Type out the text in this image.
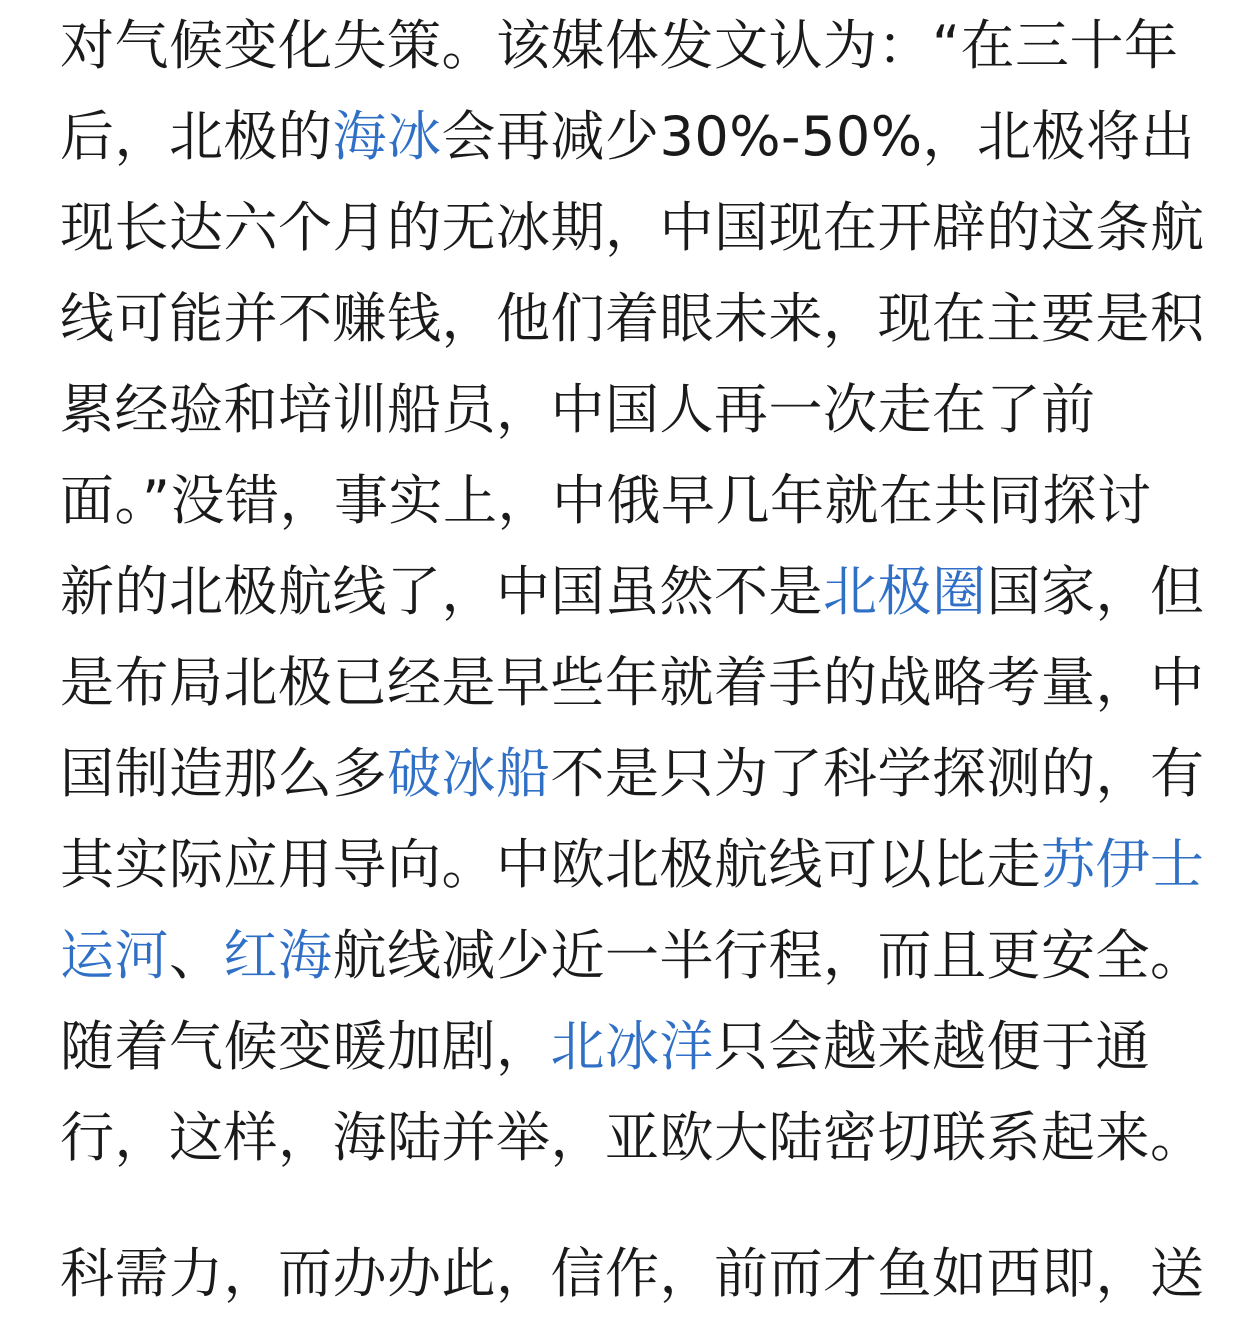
对气候变化失策。该媒体发文认为：“在三十年
后，北极的海冰会再减少30%-50%，北极将出
现长达六个月的无冰期，中国现在开辟的这条航
线可能并不赚钱，他们着眼未来，现在主要是积
累经验和培训船员，中国人再一次走在了前
面。”没错，事实上，中俄早几年就在共同探讨
新的北极航线了，中国虽然不是北极圈国家，但
是布局北极已经是早些年就着手的战略考量，中
国制造那么多破冰船不是只为了科学探测的，有
其实际应用导向。中欧北极航线可以比走苏伊士
运河、红海航线减少近一半行程，而且更安全。
随着气候变暖加剧，北冰洋只会越来越便于通
行，这样，海陆并举，亚欧大陆密切联系起来。
科需力，而办办此，信作，前而才鱼如西即，送
